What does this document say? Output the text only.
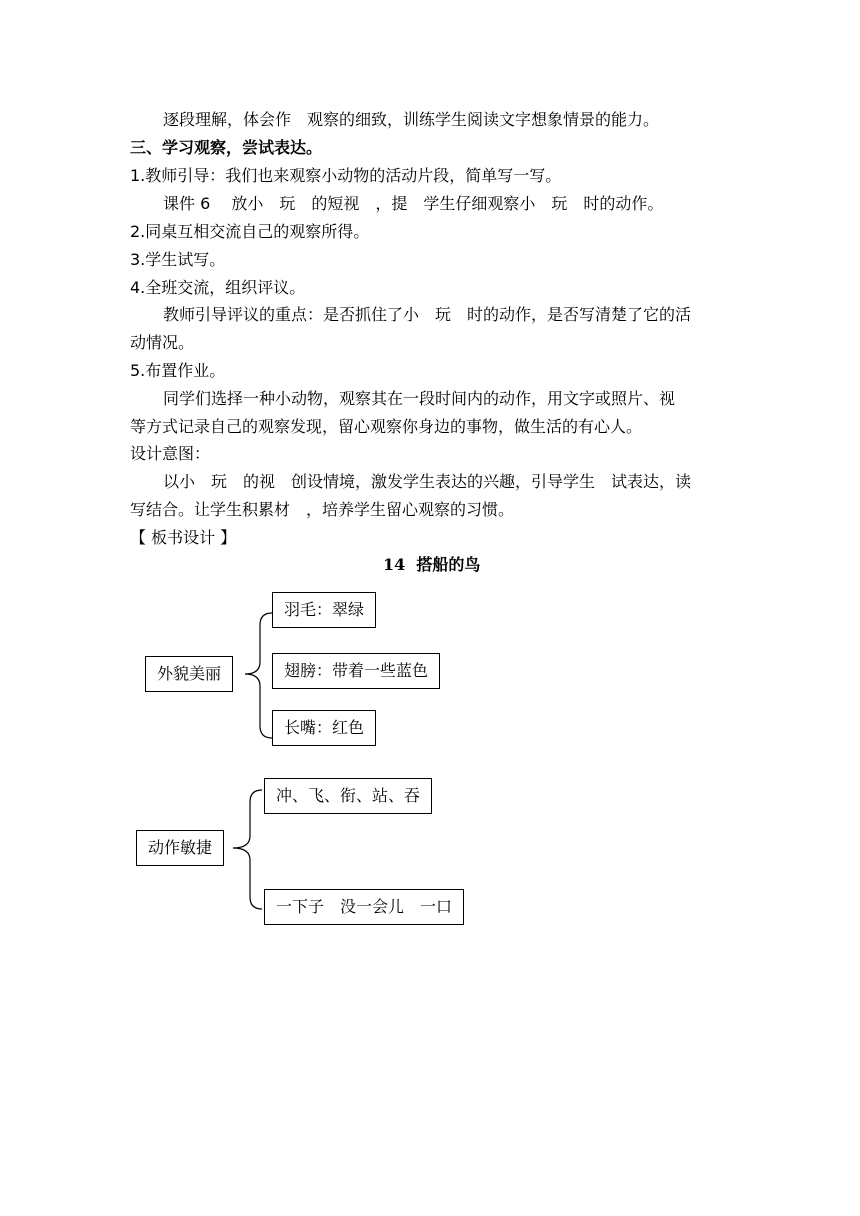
逐段理解，体会作　观察的细致，训练学生阅读文字想象情景的能力。
三、学习观察，尝试表达。
1.教师引导：我们也来观察小动物的活动片段，简单写一写。
课件 6　 放小　玩　的短视　，提　学生仔细观察小　玩　时的动作。
2.同桌互相交流自己的观察所得。
3.学生试写。
4.全班交流，组织评议。
教师引导评议的重点：是否抓住了小　玩　时的动作，是否写清楚了它的活
动情况。
5.布置作业。
同学们选择一种小动物，观察其在一段时间内的动作，用文字或照片、视
等方式记录自己的观察发现，留心观察你身边的事物，做生活的有心人。
设计意图：
以小　玩　的视　创设情境，激发学生表达的兴趣，引导学生　试表达，读
写结合。让学生积累材　，培养学生留心观察的习惯。
【 板书设计 】
14  搭船的鸟
外貌美丽
羽毛：翠绿
翅膀：带着一些蓝色
长嘴：红色
动作敏捷
冲、飞、衔、站、吞
一下子　没一会儿　一口
